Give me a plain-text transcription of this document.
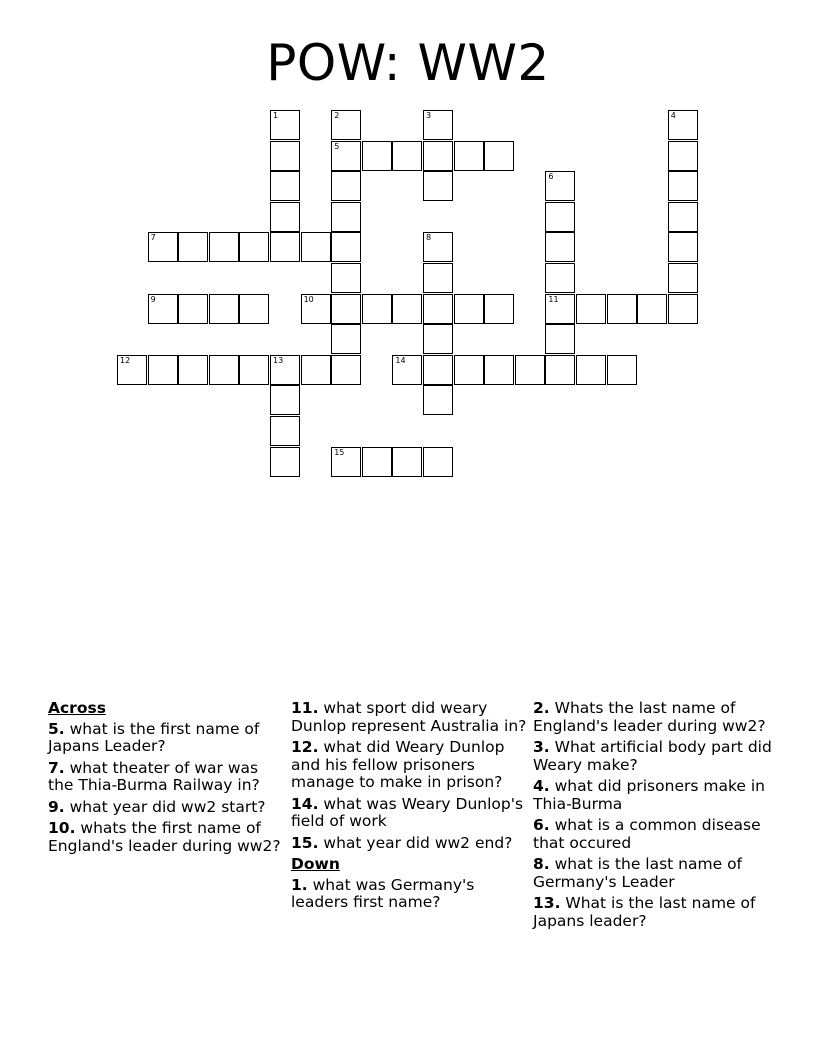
POW: WW2
1	2	3	4
5
6
7	8
9	10	11
12	13	14
15
Across
5. what is the first name of Japans Leader?
7. what theater of war was the Thia-Burma Railway in?
9. what year did ww2 start?
10. whats the first name of England's leader during ww2?
11. what sport did weary Dunlop represent Australia in?
12. what did Weary Dunlop and his fellow prisoners manage to make in prison?
14. what was Weary Dunlop's field of work
15. what year did ww2 end?
Down
1. what was Germany's leaders first name?
2. Whats the last name of England's leader during ww2?
3. What artificial body part did Weary make?
4. what did prisoners make in Thia-Burma
6. what is a common disease that occured
8. what is the last name of Germany's Leader
13. What is the last name of Japans leader?
